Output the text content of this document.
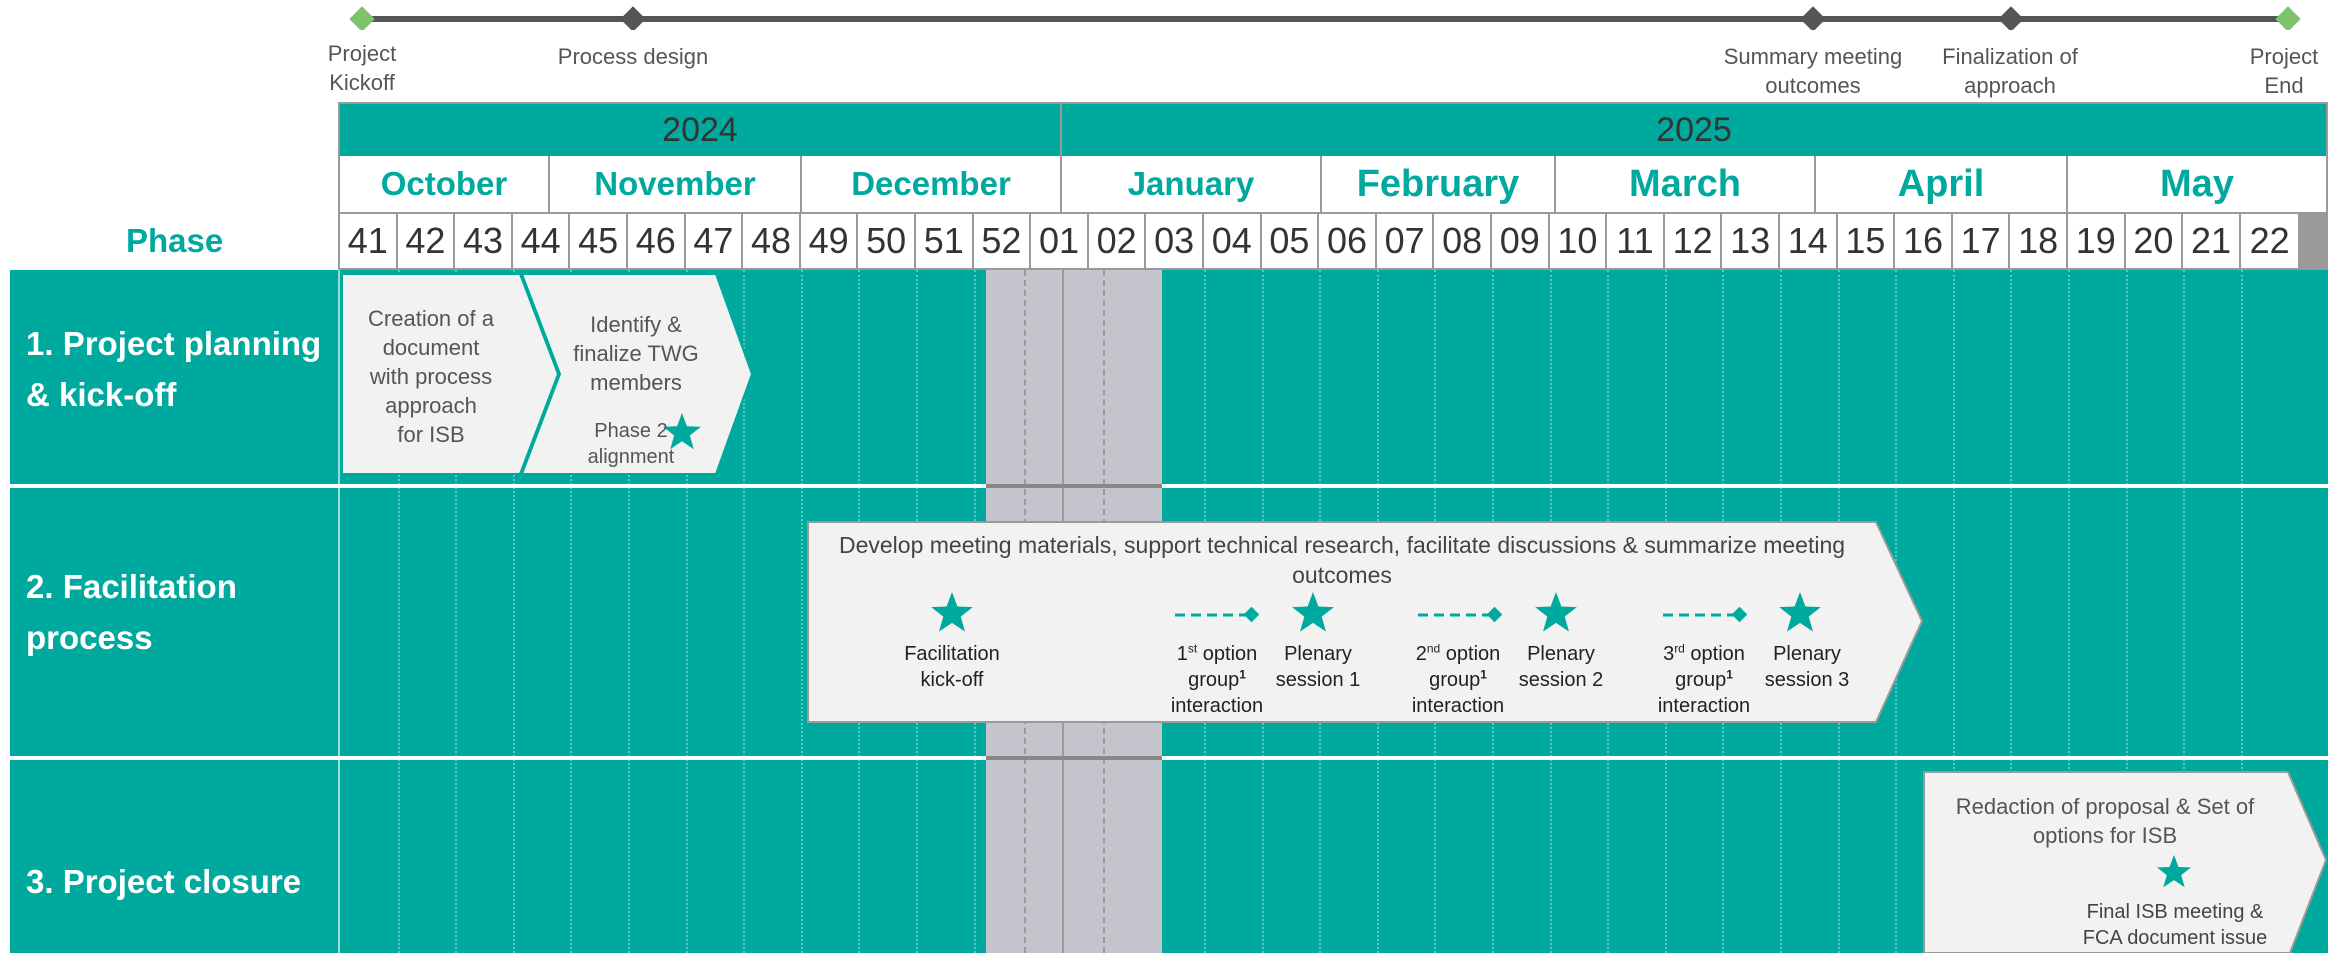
Project
Kickoff
Process design	Summary meeting
outcomes
Finalization of
approach
Project
End
2024	2025
October	November	December	January	February	March	April	May
Phase	41 42 43 44 45 46 47 48 49 50 51 52 01 02 03 04 05 06 07 08 09 10 11 12 13 14 15 16 17 18 19 20 21 22
1. Project planning
& kick-off
2. Facilitation
process
3. Project closure
Creation of a
document
with process
approach
for ISB
Identify &
finalize TWG
members
Phase 2
alignment
Develop meeting materials, support technical research, facilitate discussions & summarize meeting
outcomes
Facilitation
kick-off
1st option
group$^1$
interaction
Plenary
session 1
2nd option
group$^1$
interaction
Plenary
session 2
3rd option
group$^1$
interaction
Plenary
session 3
Redaction of proposal & Set of
options for ISB
Final ISB meeting &
FCA document issue
